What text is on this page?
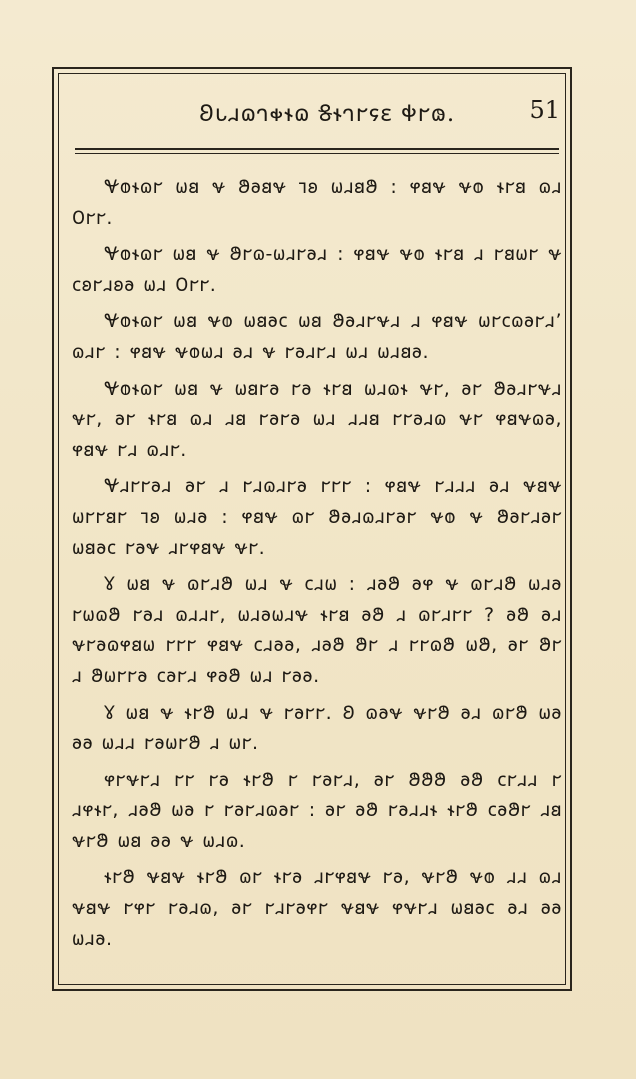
𐐂𐑊𐐯𐐿𐐻𐑉𐐮𐐿 𐐝𐐮𐐻𐐲𐐾𐐩 𐐡𐐲𐑀.	51

𐐏𐐭𐐮𐐿𐐲 𐐶𐐺 𐐷 𐐍𐐨𐐺𐐷 𐐹𐐪 𐐶𐐯𐐺𐐍 : 𐐸𐐺𐐷 𐐷𐐭 𐐮𐐲𐐺 𐐿𐐯 𐐄𐐲𐐲.

𐐏𐐭𐐮𐐿𐐲 𐐶𐐺 𐐷 𐐍𐐲𐐿-𐐶𐐯𐐲𐐨𐐯 : 𐐸𐐺𐐷 𐐷𐐭 𐐮𐐲𐐺 𐐯 𐐲𐐺𐐶𐐲 𐐷 𐐽𐐪𐐲𐐯𐐪𐐨 𐐶𐐯 𐐄𐐲𐐲.

𐐏𐐭𐐮𐐿𐐲 𐐶𐐺 𐐷𐐭 𐐶𐐺𐐨𐐽 𐐶𐐺 𐐍𐐨𐐯𐐲𐐷𐐯 𐐯 𐐸𐐺𐐷 𐐶𐐲𐐽𐐿𐐨𐐲𐐯’ 𐐿𐐯𐐲 : 𐐸𐐺𐐷 𐐷𐐭𐐶𐐯 𐐨𐐯 𐐷 𐐲𐐨𐐯𐐲𐐯 𐐶𐐯 𐐶𐐯𐐺𐐨.

𐐏𐐭𐐮𐐿𐐲 𐐶𐐺 𐐷 𐐶𐐺𐐲𐐨 𐐲𐐨 𐐮𐐲𐐺 𐐶𐐯𐐿𐐮 𐐷𐐲, 𐐨𐐲 𐐍𐐨𐐯𐐲𐐷𐐯 𐐷𐐲, 𐐨𐐲 𐐮𐐲𐐺 𐐿𐐯 𐐯𐐺 𐐲𐐨𐐲𐐨 𐐶𐐯 𐐯𐐯𐐺 𐐲𐐲𐐨𐐯𐐿 𐐷𐐲 𐐸𐐺𐐷𐐿𐐨, 𐐸𐐺𐐷 𐐲𐐯 𐐿𐐯𐐲.

𐐏𐐯𐐲𐐲𐐨𐐯 𐐨𐐲 𐐯 𐐲𐐯𐐿𐐯𐐲𐐨 𐐲𐐲𐐲 : 𐐸𐐺𐐷 𐐲𐐯𐐯𐐯 𐐨𐐯 𐐷𐐺𐐷 𐐶𐐲𐐲𐐺𐐲 𐐹𐐪 𐐶𐐯𐐨 : 𐐸𐐺𐐷 𐐿𐐲 𐐍𐐨𐐯𐐿𐐯𐐲𐐨𐐲 𐐷𐐭 𐐷 𐐍𐐨𐐲𐐯𐐨𐐲 𐐶𐐺𐐨𐐽 𐐲𐐨𐐷 𐐯𐐲𐐸𐐺𐐷 𐐷𐐲.

𐐜 𐐶𐐺 𐐷 𐐿𐐲𐐯𐐍 𐐶𐐯 𐐷 𐐽𐐯𐐶 : 𐐯𐐨𐐍 𐐨𐐸 𐐷 𐐿𐐲𐐯𐐍 𐐶𐐯𐐨 𐐲𐐶𐐿𐐍 𐐲𐐨𐐯 𐐿𐐯𐐯𐐲, 𐐶𐐯𐐨𐐶𐐯𐐷 𐐮𐐲𐐺 𐐨𐐍 𐐯 𐐿𐐲𐐯𐐲𐐲 ? 𐐨𐐍 𐐨𐐯 𐐷𐐲𐐨𐐿𐐸𐐺𐐶 𐐲𐐲𐐲 𐐸𐐺𐐷 𐐽𐐯𐐨𐐨, 𐐯𐐨𐐍 𐐍𐐲 𐐯 𐐲𐐲𐐿𐐍 𐐶𐐍, 𐐨𐐲 𐐍𐐲 𐐯 𐐍𐐶𐐲𐐲𐐨 𐐽𐐨𐐲𐐯 𐐸𐐨𐐍 𐐶𐐯 𐐲𐐨𐐨.

𐐜 𐐶𐐺 𐐷 𐐮𐐲𐐍 𐐶𐐯 𐐷 𐐲𐐨𐐲𐐲. 𐐂 𐐿𐐨𐐷 𐐷𐐲𐐍 𐐨𐐯 𐐿𐐲𐐍 𐐶𐐨 𐐨𐐨 𐐶𐐯𐐯 𐐲𐐨𐐶𐐲𐐍 𐐯 𐐶𐐲.

𐐸𐐲𐐷𐐲𐐯 𐐲𐐲 𐐲𐐨 𐐮𐐲𐐍 𐐲 𐐲𐐨𐐲𐐯, 𐐨𐐲 𐐍𐐍𐐍 𐐨𐐍 𐐽𐐲𐐯𐐯 𐐲 𐐯𐐸𐐮𐐲, 𐐯𐐨𐐍 𐐶𐐨 𐐲 𐐲𐐨𐐲𐐯𐐿𐐨𐐲 : 𐐨𐐲 𐐨𐐍 𐐲𐐨𐐯𐐯𐐮 𐐮𐐲𐐍 𐐽𐐨𐐍𐐲 𐐯𐐺 𐐷𐐲𐐍 𐐶𐐺 𐐨𐐨 𐐷 𐐶𐐯𐐿.

𐐮𐐲𐐍 𐐷𐐺𐐷 𐐮𐐲𐐍 𐐿𐐲 𐐮𐐲𐐨 𐐯𐐲𐐸𐐺𐐷 𐐲𐐨, 𐐷𐐲𐐍 𐐷𐐭 𐐯𐐯 𐐿𐐯 𐐷𐐺𐐷 𐐲𐐸𐐲 𐐲𐐨𐐯𐐿, 𐐨𐐲 𐐲𐐯𐐲𐐨𐐸𐐲 𐐷𐐺𐐷 𐐸𐐷𐐲𐐯 𐐶𐐺𐐨𐐽 𐐨𐐯 𐐨𐐨 𐐶𐐯𐐨.
